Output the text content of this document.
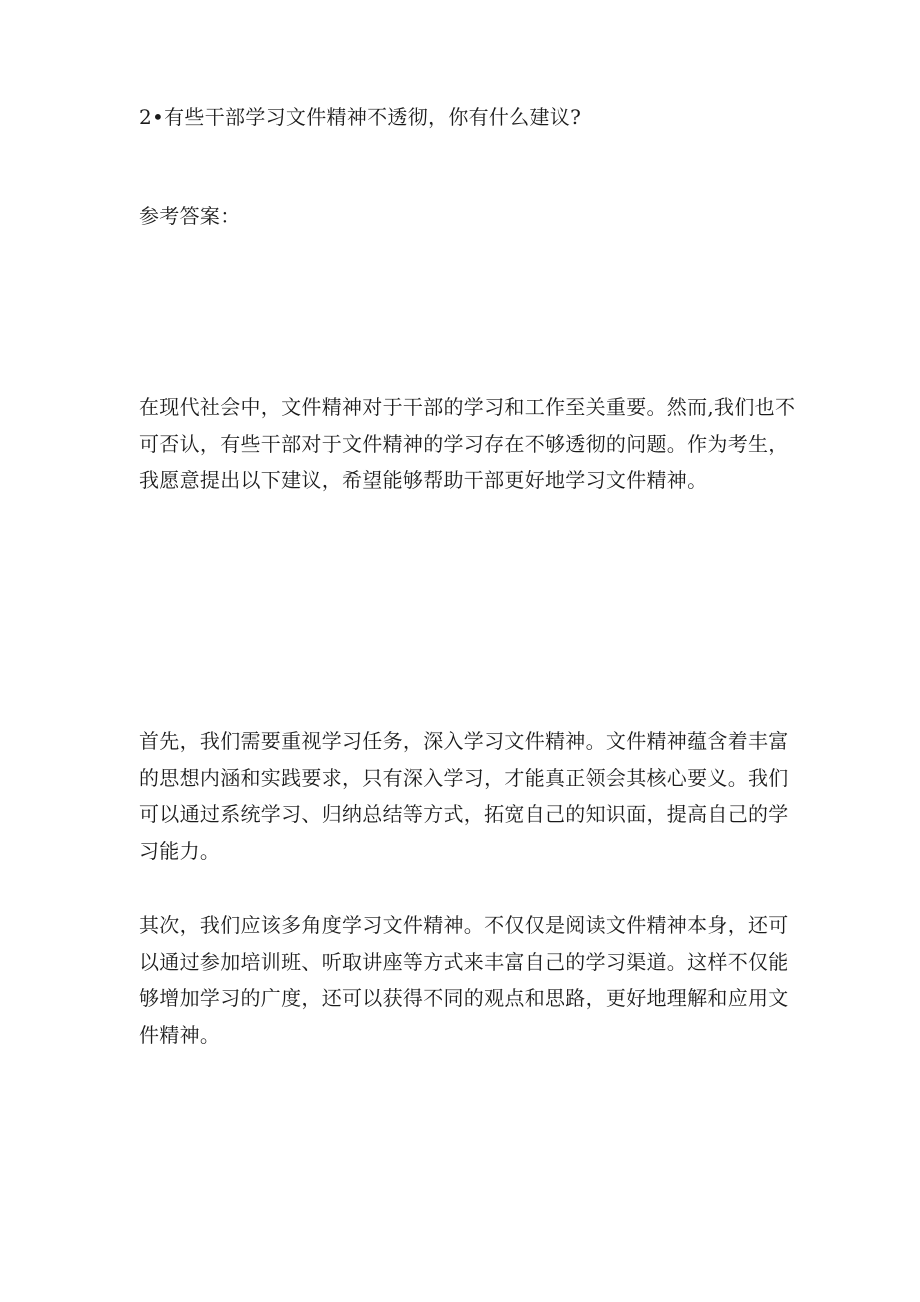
2•有些干部学习文件精神不透彻，你有什么建议?

参考答案：

在现代社会中，文件精神对于干部的学习和工作至关重要。然而,我们也不可否认，有些干部对于文件精神的学习存在不够透彻的问题。作为考生，我愿意提出以下建议，希望能够帮助干部更好地学习文件精神。

首先，我们需要重视学习任务，深入学习文件精神。文件精神蕴含着丰富的思想内涵和实践要求，只有深入学习，才能真正领会其核心要义。我们可以通过系统学习、归纳总结等方式，拓宽自己的知识面，提高自己的学习能力。

其次，我们应该多角度学习文件精神。不仅仅是阅读文件精神本身，还可以通过参加培训班、听取讲座等方式来丰富自己的学习渠道。这样不仅能够增加学习的广度，还可以获得不同的观点和思路，更好地理解和应用文件精神。
